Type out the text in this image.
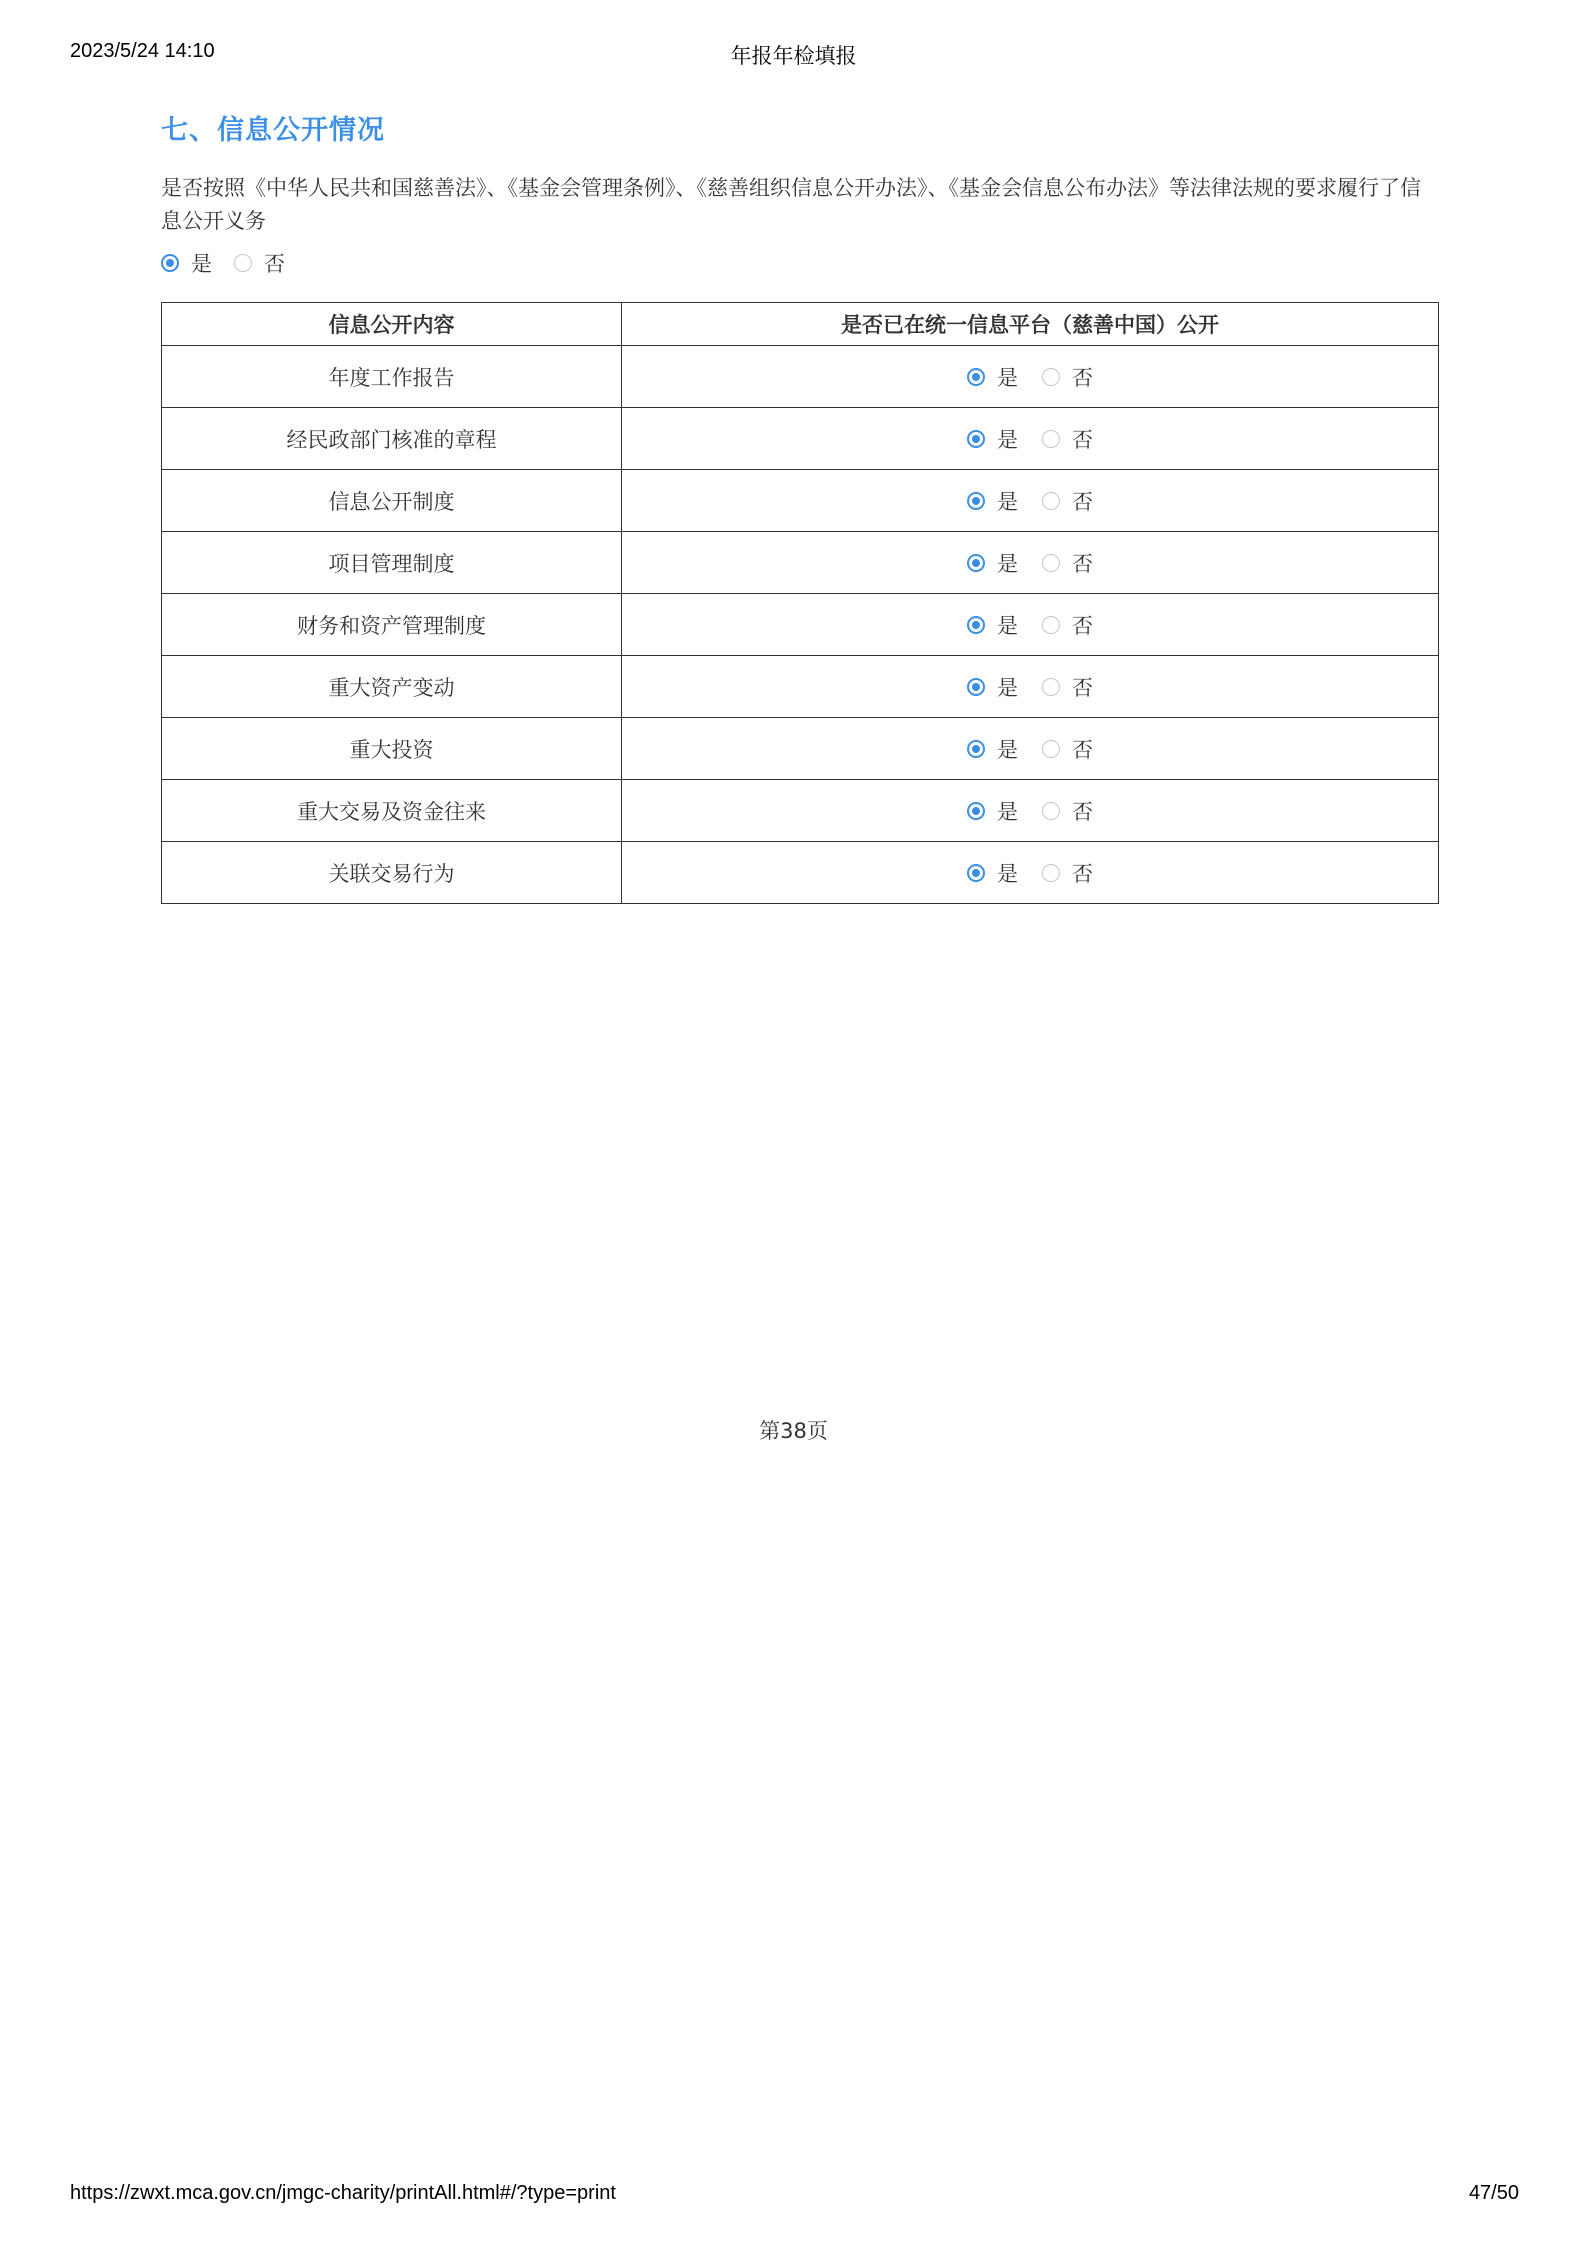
2023/5/24 14:10	年报年检填报
七、信息公开情况
是否按照《中华人民共和国慈善法》、《基金会管理条例》、《慈善组织信息公开办法》、《基金会信息公布办法》等法律法规的要求履行了信息公开义务
是 否
信息公开内容	是否已在统一信息平台（慈善中国）公开
年度工作报告	是 否

经民政部门核准的章程	是 否

信息公开制度	是 否

项目管理制度	是 否

财务和资产管理制度	是 否

重大资产变动	是 否

重大投资	是 否

重大交易及资金往来	是 否

关联交易行为	是 否
第38页
https://zwxt.mca.gov.cn/jmgc-charity/printAll.html#/?type=print	47/50
